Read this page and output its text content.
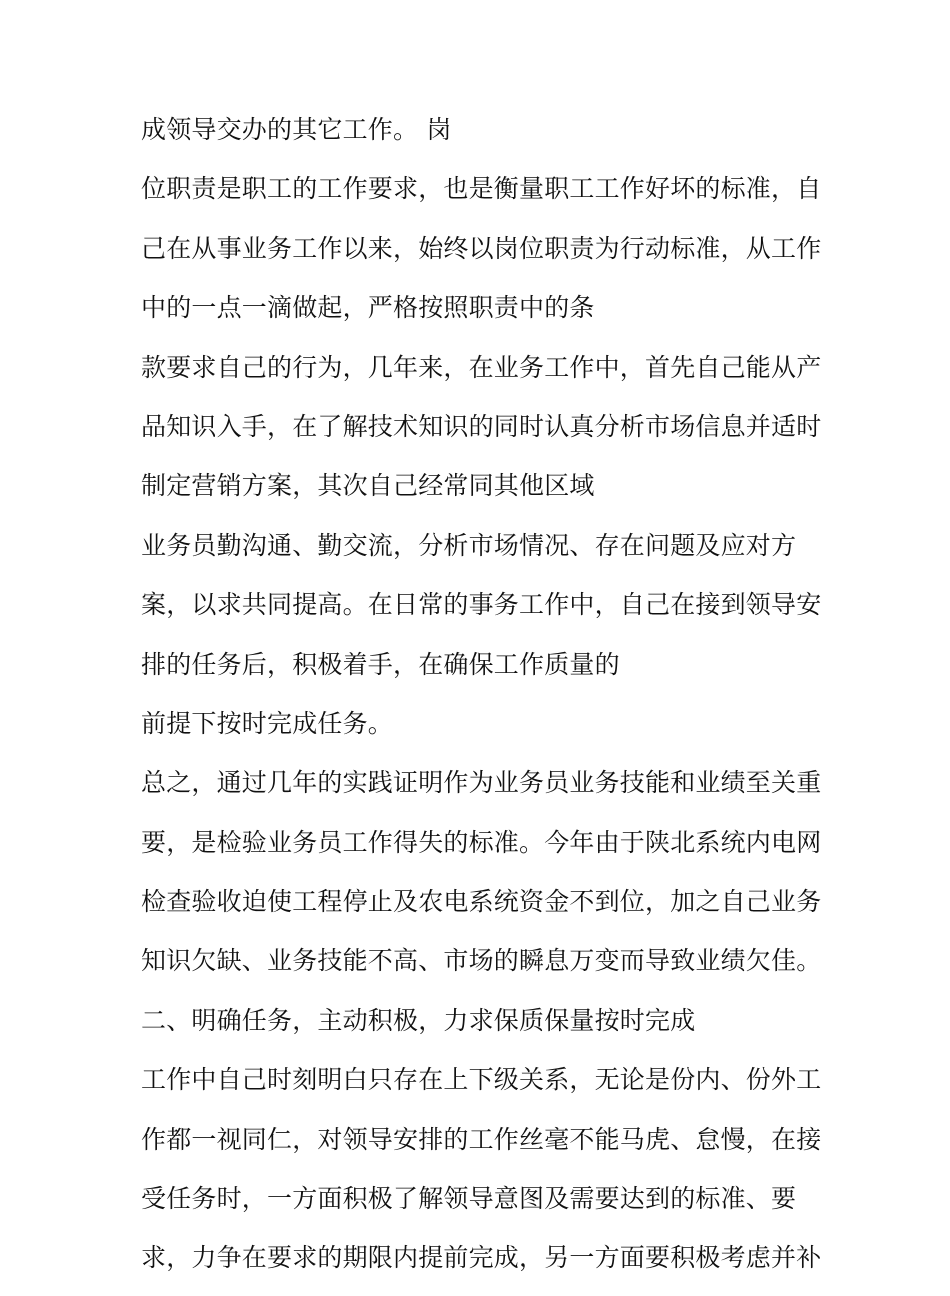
成领导交办的其它工作。 岗
位职责是职工的工作要求，也是衡量职工工作好坏的标准，自
己在从事业务工作以来，始终以岗位职责为行动标准，从工作
中的一点一滴做起，严格按照职责中的条
款要求自己的行为，几年来，在业务工作中，首先自己能从产
品知识入手，在了解技术知识的同时认真分析市场信息并适时
制定营销方案，其次自己经常同其他区域
业务员勤沟通、勤交流，分析市场情况、存在问题及应对方
案，以求共同提高。在日常的事务工作中，自己在接到领导安
排的任务后，积极着手，在确保工作质量的
前提下按时完成任务。
总之，通过几年的实践证明作为业务员业务技能和业绩至关重
要，是检验业务员工作得失的标准。今年由于陕北系统内电网
检查验收迫使工程停止及农电系统资金不到位，加之自己业务
知识欠缺、业务技能不高、市场的瞬息万变而导致业绩欠佳。
二、明确任务，主动积极，力求保质保量按时完成
工作中自己时刻明白只存在上下级关系，无论是份内、份外工
作都一视同仁，对领导安排的工作丝毫不能马虎、怠慢，在接
受任务时，一方面积极了解领导意图及需要达到的标准、要
求，力争在要求的期限内提前完成，另一方面要积极考虑并补
